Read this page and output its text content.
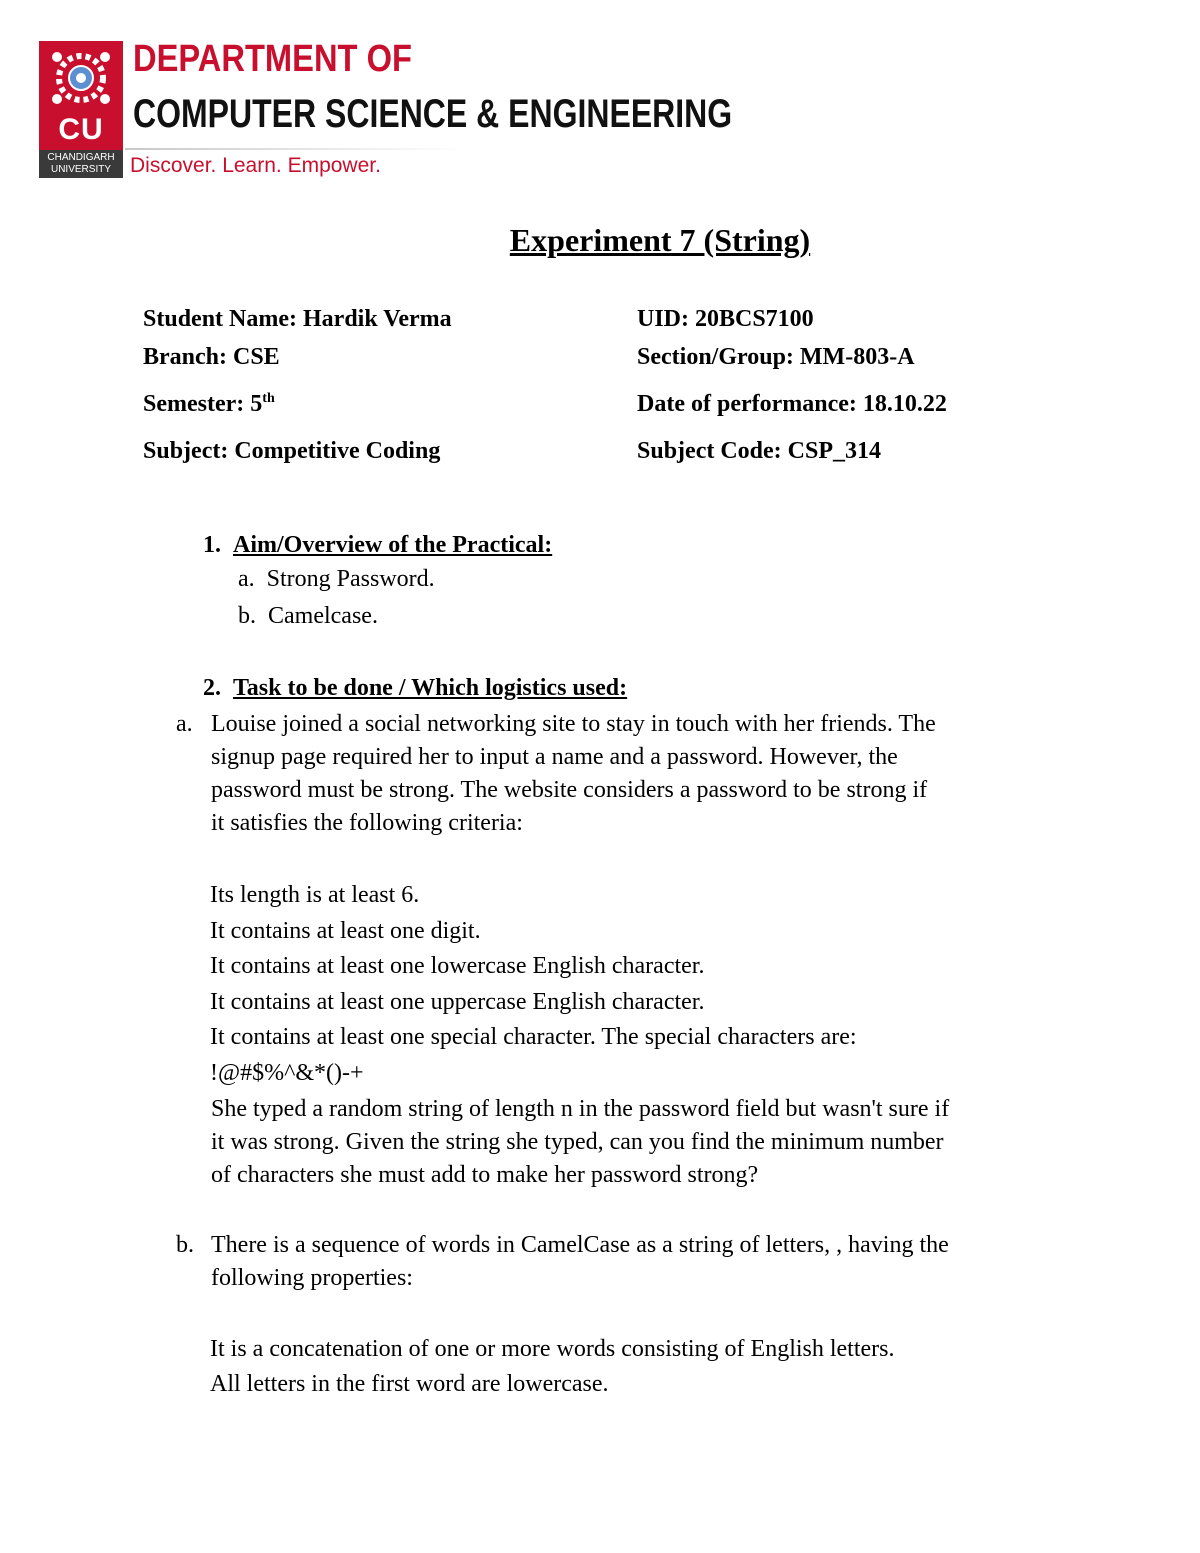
CU
CHANDIGARH UNIVERSITY
DEPARTMENT OF
COMPUTER SCIENCE & ENGINEERING
Discover. Learn. Empower.
Experiment 7 (String)
Student Name: Hardik Verma	UID: 20BCS7100
Branch: CSE	Section/Group: MM-803-A
Semester: 5th	Date of performance: 18.10.22
Subject: Competitive Coding	Subject Code: CSP_314
1. Aim/Overview of the Practical:
a. Strong Password.
b. Camelcase.
2. Task to be done / Which logistics used:
a. Louise joined a social networking site to stay in touch with her friends. The
signup page required her to input a name and a password. However, the
password must be strong. The website considers a password to be strong if
it satisfies the following criteria:
Its length is at least 6.
It contains at least one digit.
It contains at least one lowercase English character.
It contains at least one uppercase English character.
It contains at least one special character. The special characters are:
!@#$%^&*()-+
She typed a random string of length n in the password field but wasn't sure if
it was strong. Given the string she typed, can you find the minimum number
of characters she must add to make her password strong?
b. There is a sequence of words in CamelCase as a string of letters, , having the
following properties:
It is a concatenation of one or more words consisting of English letters.
All letters in the first word are lowercase.
